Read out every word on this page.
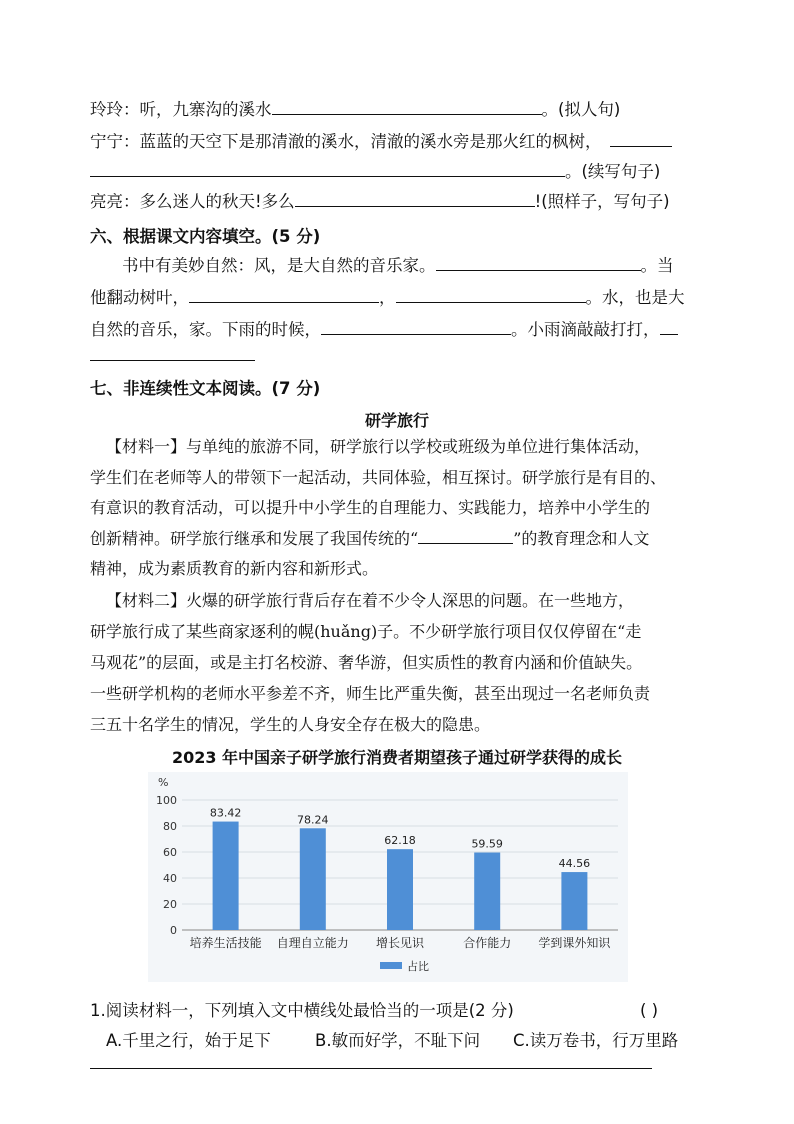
玲玲：听，九寨沟的溪水	。(拟人句)
宁宁：蓝蓝的天空下是那清澈的溪水，清澈的溪水旁是那火红的枫树，
。(续写句子)
亮亮：多么迷人的秋天!多么	!(照样子，写句子)
六、根据课文内容填空。(5 分)
书中有美妙自然：风，是大自然的音乐家。	。当
他翻动树叶，	，	。水，也是大
自然的音乐，家。下雨的时候，	。小雨滴敲敲打打，
七、非连续性文本阅读。(7 分)
研学旅行
【材料一】与单纯的旅游不同，研学旅行以学校或班级为单位进行集体活动，
学生们在老师等人的带领下一起活动，共同体验，相互探讨。研学旅行是有目的、
有意识的教育活动，可以提升中小学生的自理能力、实践能力，培养中小学生的
创新精神。研学旅行继承和发展了我国传统的“	”的教育理念和人文
精神，成为素质教育的新内容和新形式。
【材料二】火爆的研学旅行背后存在着不少令人深思的问题。在一些地方，
研学旅行成了某些商家逐利的幌(huǎng)子。不少研学旅行项目仅仅停留在“走
马观花”的层面，或是主打名校游、奢华游，但实质性的教育内涵和价值缺失。
一些研学机构的老师水平参差不齐，师生比严重失衡，甚至出现过一名老师负责
三五十名学生的情况，学生的人身安全存在极大的隐患。
2023 年中国亲子研学旅行消费者期望孩子通过研学获得的成长
%
0
20
40
60
80
100
83.42
培养生活技能
78.24
自理自立能力
62.18
增长见识
59.59
合作能力
44.56
学到课外知识
占比
1.阅读材料一，下列填入文中横线处最恰当的一项是(2 分)	( )
A.千里之行，始于足下	B.敏而好学，不耻下问 C.读万卷书，行万里路
